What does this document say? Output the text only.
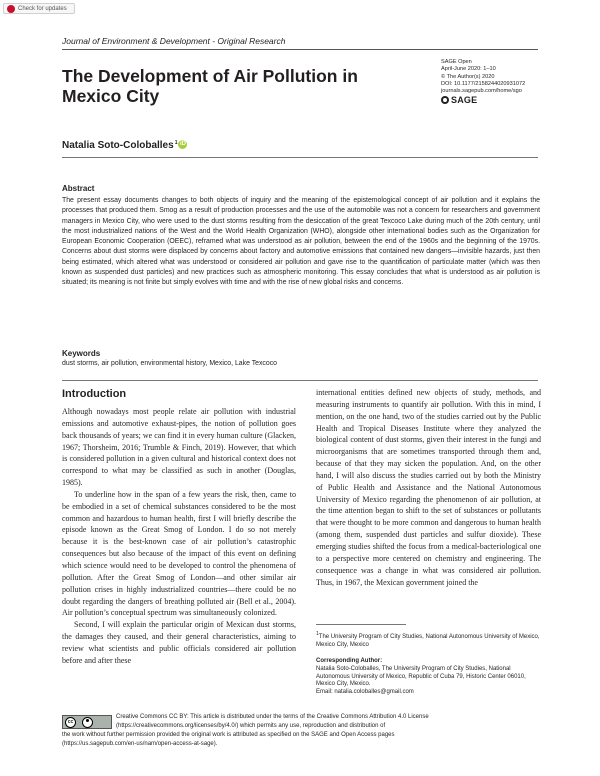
Check for updates
Journal of Environment & Development - Original Research
The Development of Air Pollution in Mexico City
SAGE Open
April-June 2020: 1–10
© The Author(s) 2020
DOI: 10.1177/2158244020931072
journals.sagepub.com/home/sgo
SAGE
Natalia Soto-Coloballes$^1$ iD
Abstract

The present essay documents changes to both objects of inquiry and the meaning of the epistemological concept of air pollution and it explains the processes that produced them. Smog as a result of production processes and the use of the automobile was not a concern for researchers and government managers in Mexico City, who were used to the dust storms resulting from the desiccation of the great Texcoco Lake during much of the 20th century, until the most industrialized nations of the West and the World Health Organization (WHO), alongside other international bodies such as the Organization for European Economic Cooperation (OEEC), reframed what was understood as air pollution, between the end of the 1960s and the beginning of the 1970s. Concerns about dust storms were displaced by concerns about factory and automotive emissions that contained new dangers—invisible hazards, just then being estimated, which altered what was understood or considered air pollution and gave rise to the quantification of particulate matter (which was then known as suspended dust particles) and new practices such as atmospheric monitoring. This essay concludes that what is understood as air pollution is situated; its meaning is not finite but simply evolves with time and with the rise of new global risks and concerns.

Keywords

dust storms, air pollution, environmental history, Mexico, Lake Texcoco

Introduction

Although nowadays most people relate air pollution with industrial emissions and automotive exhaust-pipes, the notion of pollution goes back thousands of years; we can find it in every human culture (Glacken, 1967; Thorsheim, 2016; Trumble & Finch, 2019). However, that which is considered pollution in a given cultural and historical context does not correspond to what may be classified as such in another (Douglas, 1985).

To underline how in the span of a few years the risk, then, came to be embodied in a set of chemical substances considered to be the most common and hazardous to human health, first I will briefly describe the episode known as the Great Smog of London. I do so not merely because it is the best-known case of air pollution’s catastrophic consequences but also because of the impact of this event on defining which science would need to be developed to control the phenomena of pollution. After the Great Smog of London—and other similar air pollution crises in highly industrialized countries—there could be no doubt regarding the dangers of breathing polluted air (Bell et al., 2004). Air pollution’s conceptual spectrum was simultaneously colonized.

Second, I will explain the particular origin of Mexican dust storms, the damages they caused, and their general characteristics, aiming to review what scientists and public officials considered air pollution before and after these

international entities defined new objects of study, methods, and measuring instruments to quantify air pollution. With this in mind, I mention, on the one hand, two of the studies carried out by the Public Health and Tropical Diseases Institute where they analyzed the biological content of dust storms, given their interest in the fungi and microorganisms that are sometimes transported through them and, because of that they may sicken the population. And, on the other hand, I will also discuss the studies carried out by both the Ministry of Public Health and Assistance and the National Autonomous University of Mexico regarding the phenomenon of air pollution, at the time attention began to shift to the set of substances or pollutants that were thought to be more common and dangerous to human health (among them, suspended dust particles and sulfur dioxide). These emerging studies shifted the focus from a medical-bacteriological one to a perspective more centered on chemistry and engineering. The consequence was a change in what was considered air pollution. Thus, in 1967, the Mexican government joined the

$^1$The University Program of City Studies, National Autonomous University of Mexico, Mexico City, Mexico
Corresponding Author:
Natalia Soto-Coloballes, The University Program of City Studies, National Autonomous University of Mexico, Republic of Cuba 79, Historic Center 06010, Mexico City, Mexico.
Email: natalia.coloballes@gmail.com
cc
Creative Commons CC BY: This article is distributed under the terms of the Creative Commons Attribution 4.0 License
(https://creativecommons.org/licenses/by/4.0/) which permits any use, reproduction and distribution of
the work without further permission provided the original work is attributed as specified on the SAGE and Open Access pages
(https://us.sagepub.com/en-us/nam/open-access-at-sage).
